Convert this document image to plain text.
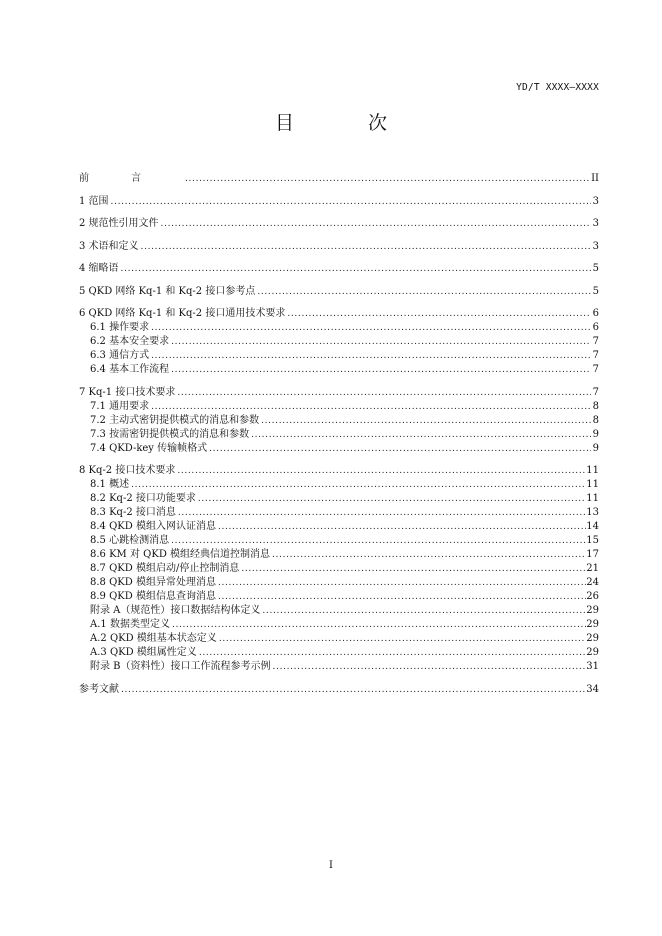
YD/T XXXX—XXXX
目 次
前言 . . .	II
1 范围 . . .	3
2 规范性引用文件 . . .	3
3 术语和定义 . . .	3
4 缩略语 . . .	5
5 QKD 网络 Kq-1 和 Kq-2 接口参考点 . . .	5
6 QKD 网络 Kq-1 和 Kq-2 接口通用技术要求 . . .	6
6.1 操作要求 . . .	6
6.2 基本安全要求 . . .	7
6.3 通信方式 . . .	7
6.4 基本工作流程 . . .	7
7 Kq-1 接口技术要求 . . .	7
7.1 通用要求 . . .	8
7.2 主动式密钥提供模式的消息和参数 . . .	8
7.3 按需密钥提供模式的消息和参数 . . .	9
7.4 QKD-key 传输帧格式 . . .	9
8 Kq-2 接口技术要求 . . .	11
8.1 概述 . . .	11
8.2 Kq-2 接口功能要求 . . .	11
8.3 Kq-2 接口消息 . . .	13
8.4 QKD 模组入网认证消息 . . .	14
8.5 心跳检测消息 . . .	15
8.6 KM 对 QKD 模组经典信道控制消息 . . .	17
8.7 QKD 模组启动/停止控制消息 . . .	21
8.8 QKD 模组异常处理消息 . . .	24
8.9 QKD 模组信息查询消息 . . .	26
附录 A（规范性）接口数据结构体定义 . . .	29
A.1 数据类型定义 . . .	29
A.2 QKD 模组基本状态定义 . . .	29
A.3 QKD 模组属性定义 . . .	29
附录 B（资料性）接口工作流程参考示例 . . .	31
参考文献 . . .	34
I
